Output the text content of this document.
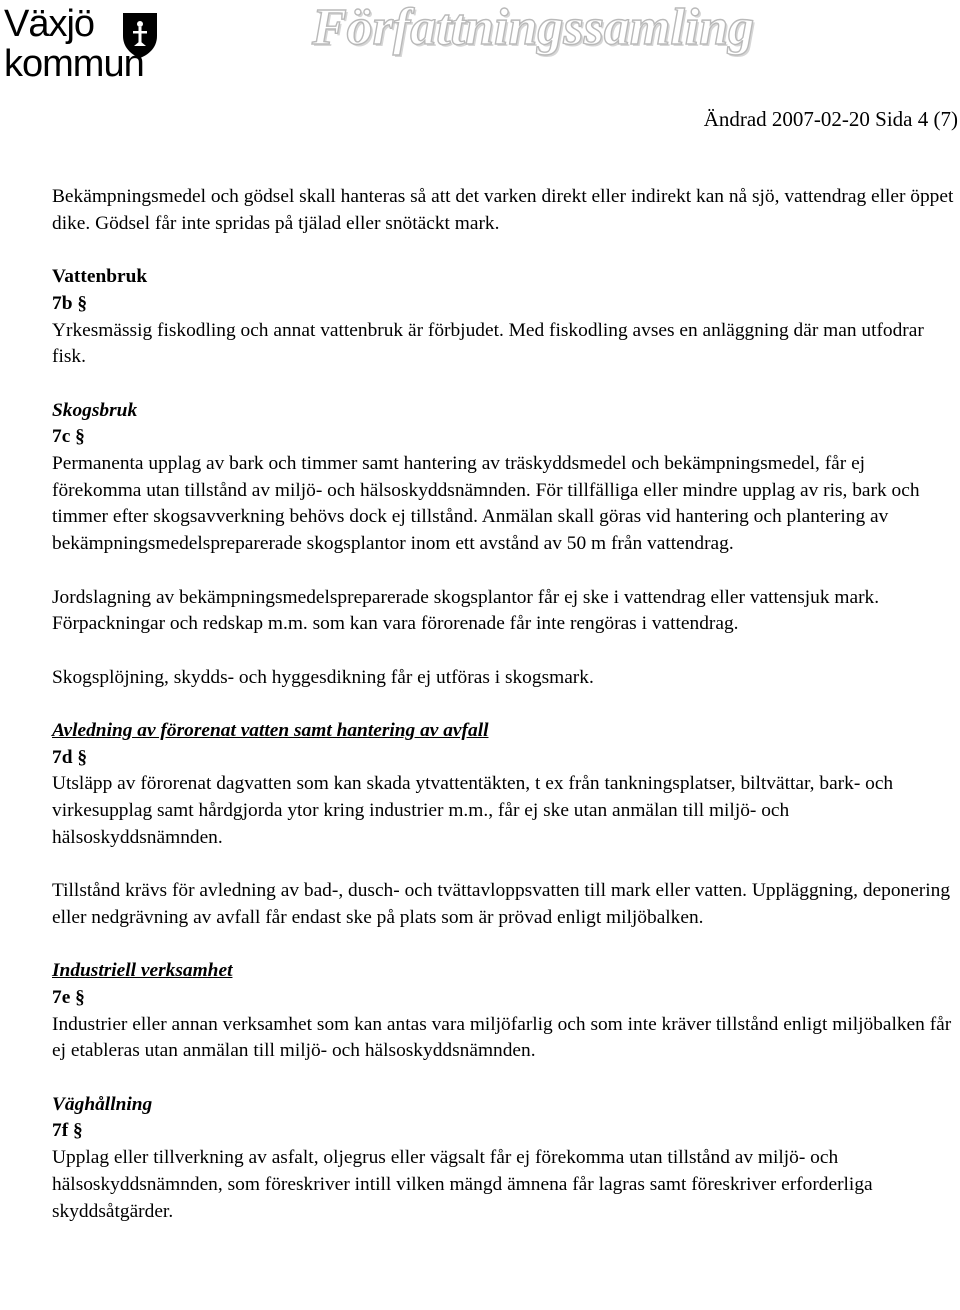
Växjö
kommun
Författningssamling
Ändrad 2007-02-20 Sida 4 (7)

Bekämpningsmedel och gödsel skall hanteras så att det varken direkt eller indirekt kan nå sjö, vattendrag eller öppet dike. Gödsel får inte spridas på tjälad eller snötäckt mark.

Vattenbruk

7b §

Yrkesmässig fiskodling och annat vattenbruk är förbjudet. Med fiskodling avses en anläggning där man utfodrar fisk.

Skogsbruk

7c §

Permanenta upplag av bark och timmer samt hantering av träskyddsmedel och bekämpningsmedel, får ej förekomma utan tillstånd av miljö- och hälsoskyddsnämnden. För tillfälliga eller mindre upplag av ris, bark och timmer efter skogsavverkning behövs dock ej tillstånd. Anmälan skall göras vid hantering och plantering av bekämpningsmedelspreparerade skogsplantor inom ett avstånd av 50 m från vattendrag.

Jordslagning av bekämpningsmedelspreparerade skogsplantor får ej ske i vattendrag eller vattensjuk mark. Förpackningar och redskap m.m. som kan vara förorenade får inte rengöras i vattendrag.

Skogsplöjning, skydds- och hyggesdikning får ej utföras i skogsmark.

Avledning av förorenat vatten samt hantering av avfall

7d §

Utsläpp av förorenat dagvatten som kan skada ytvattentäkten, t ex från tankningsplatser, biltvättar, bark- och virkesupplag samt hårdgjorda ytor kring industrier m.m., får ej ske utan anmälan till miljö- och hälsoskyddsnämnden.

Tillstånd krävs för avledning av bad-, dusch- och tvättavloppsvatten till mark eller vatten. Uppläggning, deponering eller nedgrävning av avfall får endast ske på plats som är prövad enligt miljöbalken.

Industriell verksamhet

7e §

Industrier eller annan verksamhet som kan antas vara miljöfarlig och som inte kräver tillstånd enligt miljöbalken får ej etableras utan anmälan till miljö- och hälsoskyddsnämnden.

Väghållning

7f §

Upplag eller tillverkning av asfalt, oljegrus eller vägsalt får ej förekomma utan tillstånd av miljö- och hälsoskyddsnämnden, som föreskriver intill vilken mängd ämnena får lagras samt föreskriver erforderliga skyddsåtgärder.
